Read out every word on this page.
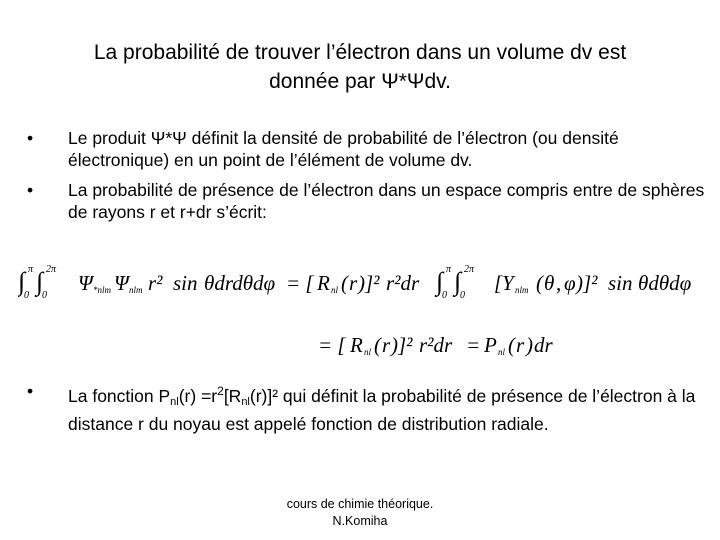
La probabilité de trouver l’électron dans un volume dv est
donnée par Ψ*Ψdv.
• Le produit Ψ*Ψ définit la densité de probabilité de l’électron (ou densité électronique) en un point de l’élément de volume dv.
• La probabilité de présence de l’électron dans un espace compris entre de sphères de rayons r et r+dr s’écrit:
∫ π
0 ∫ 2π
0
Ψ *nlm Ψ nlm r² sin θdrdθdφ = [ R nl ( r )]² r²dr ∫ π
0 ∫ 2π
0
[ Y nlm ( θ , φ )]² sin θdθdφ
= [ R nl ( r )]² r²dr = P nl ( r ) dr
• La fonction $P_{nl}(r) =r^2[R_{nl}(r)]^2$ qui définit la probabilité de présence de l’électron à la distance r du noyau est appelé fonction de distribution radiale.
cours de chimie théorique.
N.Komiha
